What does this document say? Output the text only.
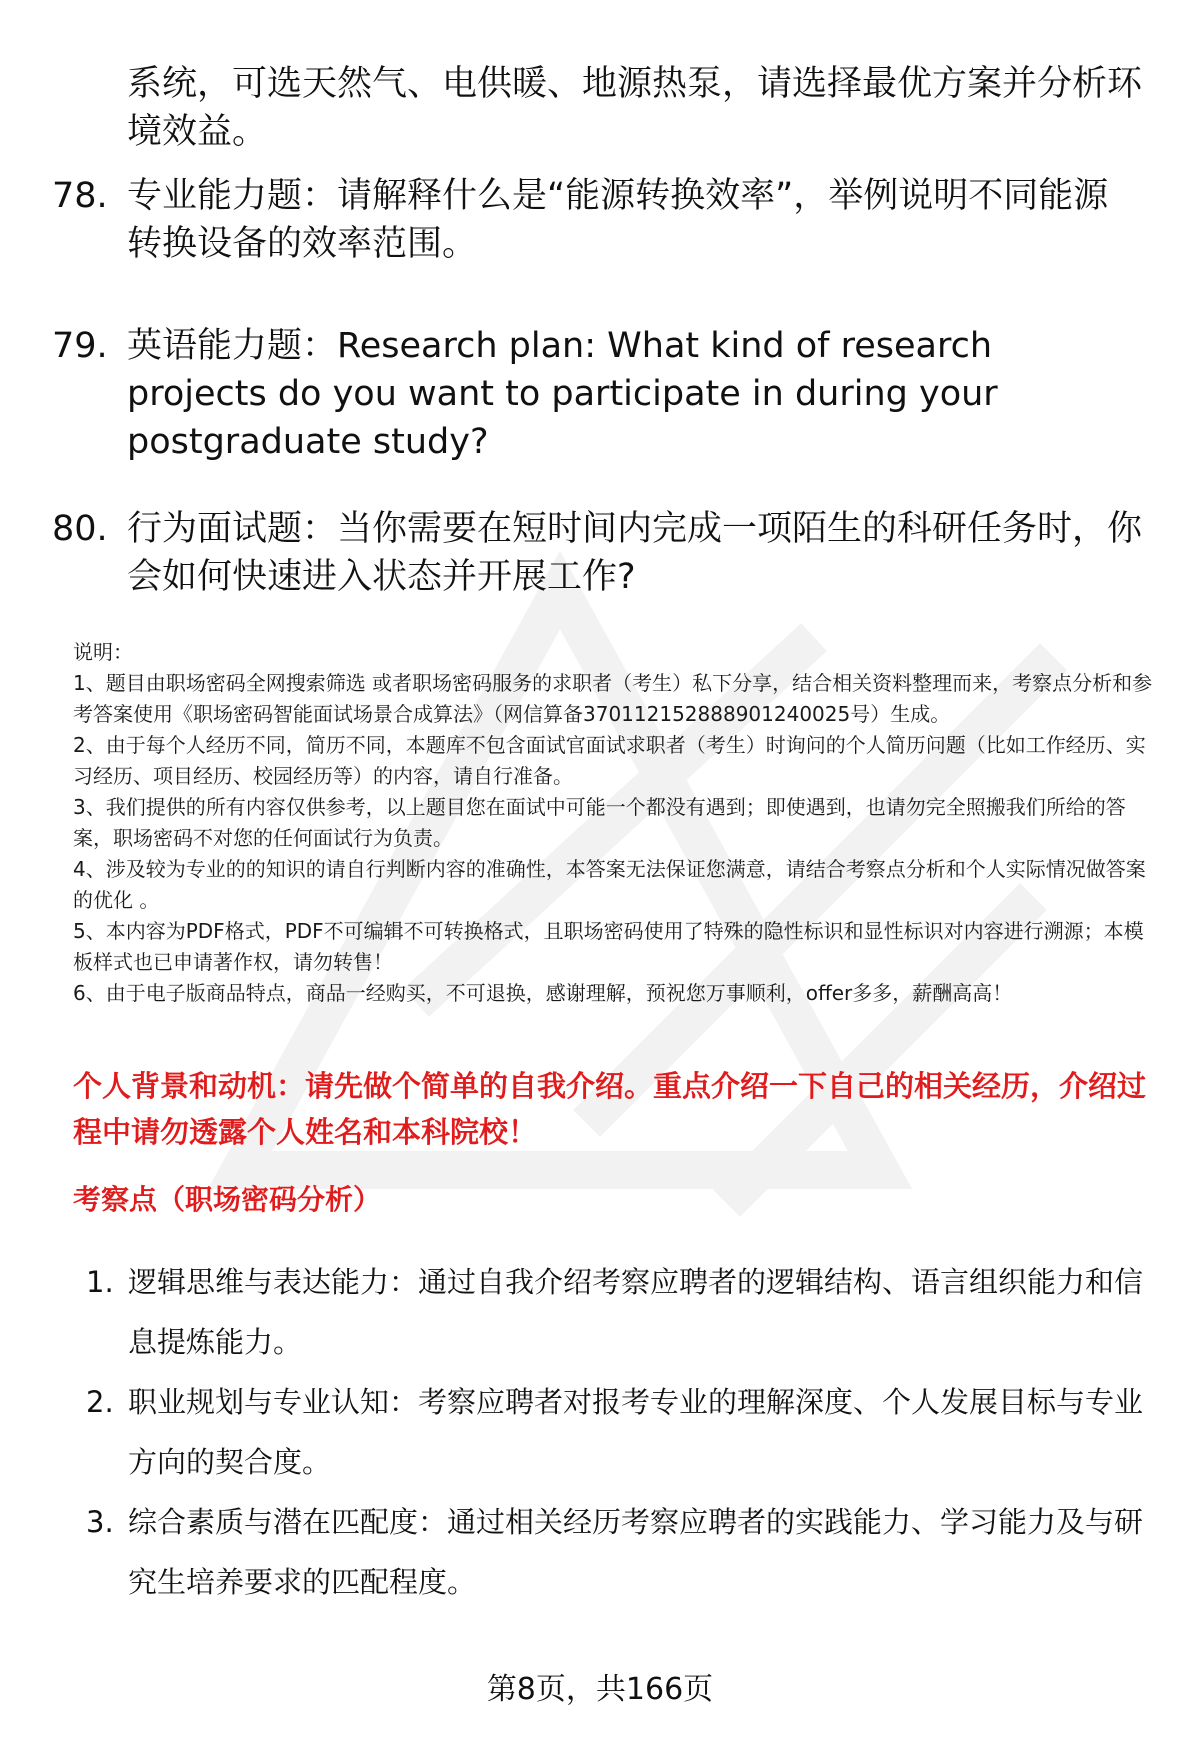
系统，可选天然气、电供暖、地源热泵，请选择最优方案并分析环境效益。
78. 专业能力题：请解释什么是“能源转换效率”，举例说明不同能源转换设备的效率范围。
79. 英语能力题：Research plan: What kind of research projects do you want to participate in during your postgraduate study?
80. 行为面试题：当你需要在短时间内完成一项陌生的科研任务时，你会如何快速进入状态并开展工作?

说明：

1、题目由职场密码全网搜索筛选 或者职场密码服务的求职者（考生）私下分享，结合相关资料整理而来，考察点分析和参考答案使用《职场密码智能面试场景合成算法》（网信算备370112152888901240025号）生成。

2、由于每个人经历不同，简历不同，本题库不包含面试官面试求职者（考生）时询问的个人简历问题（比如工作经历、实习经历、项目经历、校园经历等）的内容，请自行准备。

3、我们提供的所有内容仅供参考，以上题目您在面试中可能一个都没有遇到；即使遇到，也请勿完全照搬我们所给的答案，职场密码不对您的任何面试行为负责。

4、涉及较为专业的的知识的请自行判断内容的准确性，本答案无法保证您满意，请结合考察点分析和个人实际情况做答案的优化 。

5、本内容为PDF格式，PDF不可编辑不可转换格式，且职场密码使用了特殊的隐性标识和显性标识对内容进行溯源；本模板样式也已申请著作权，请勿转售！

6、由于电子版商品特点，商品一经购买，不可退换，感谢理解，预祝您万事顺利，offer多多，薪酬高高！

个人背景和动机：请先做个简单的自我介绍。重点介绍一下自己的相关经历，介绍过程中请勿透露个人姓名和本科院校！
考察点（职场密码分析）
1. 逻辑思维与表达能力：通过自我介绍考察应聘者的逻辑结构、语言组织能力和信息提炼能力。
2. 职业规划与专业认知：考察应聘者对报考专业的理解深度、个人发展目标与专业方向的契合度。
3. 综合素质与潜在匹配度：通过相关经历考察应聘者的实践能力、学习能力及与研究生培养要求的匹配程度。
第8页，共166页
